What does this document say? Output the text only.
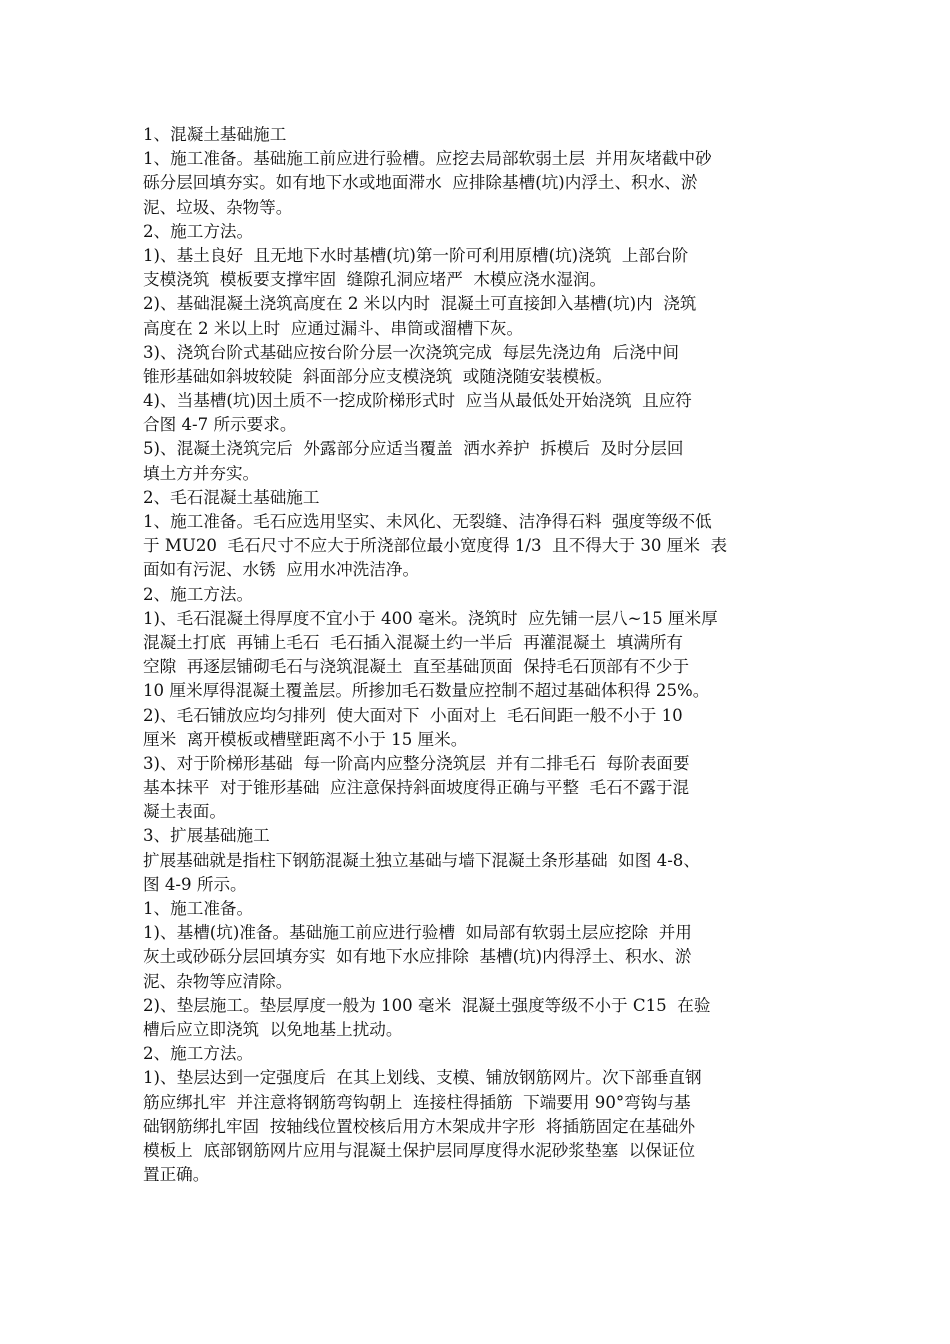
1、混凝土基础施工
1、施工准备。基础施工前应进行验槽。应挖去局部软弱土层  并用灰堵截中砂
砾分层回填夯实。如有地下水或地面滞水  应排除基槽(坑)内浮土、积水、淤
泥、垃圾、杂物等。
2、施工方法。
1)、基土良好  且无地下水时基槽(坑)第一阶可利用原槽(坑)浇筑  上部台阶
支模浇筑  模板要支撑牢固  缝隙孔洞应堵严  木模应浇水湿润。
2)、基础混凝土浇筑高度在 2 米以内时  混凝土可直接卸入基槽(坑)内  浇筑
高度在 2 米以上时  应通过漏斗、串筒或溜槽下灰。
3)、浇筑台阶式基础应按台阶分层一次浇筑完成  每层先浇边角  后浇中间
锥形基础如斜坡较陡  斜面部分应支模浇筑  或随浇随安装模板。
4)、当基槽(坑)因土质不一挖成阶梯形式时  应当从最低处开始浇筑  且应符
合图 4-7 所示要求。
5)、混凝土浇筑完后  外露部分应适当覆盖  洒水养护  拆模后  及时分层回
填土方并夯实。
2、毛石混凝土基础施工
1、施工准备。毛石应选用坚实、未风化、无裂缝、洁净得石料  强度等级不低
于 MU20  毛石尺寸不应大于所浇部位最小宽度得 1/3  且不得大于 30 厘米  表
面如有污泥、水锈  应用水冲洗洁净。
2、施工方法。
1)、毛石混凝土得厚度不宜小于 400 毫米。浇筑时  应先铺一层八~15 厘米厚
混凝土打底  再铺上毛石  毛石插入混凝土约一半后  再灌混凝土  填满所有
空隙  再逐层铺砌毛石与浇筑混凝土  直至基础顶面  保持毛石顶部有不少于
10 厘米厚得混凝土覆盖层。所掺加毛石数量应控制不超过基础体积得 25%。
2)、毛石铺放应均匀排列  使大面对下  小面对上  毛石间距一般不小于 10
厘米  离开模板或槽壁距离不小于 15 厘米。
3)、对于阶梯形基础  每一阶高内应整分浇筑层  并有二排毛石  每阶表面要
基本抹平  对于锥形基础  应注意保持斜面坡度得正确与平整  毛石不露于混
凝土表面。
3、扩展基础施工
扩展基础就是指柱下钢筋混凝土独立基础与墙下混凝土条形基础  如图 4-8、
图 4-9 所示。
1、施工准备。
1)、基槽(坑)准备。基础施工前应进行验槽  如局部有软弱土层应挖除  并用
灰土或砂砾分层回填夯实  如有地下水应排除  基槽(坑)内得浮土、积水、淤
泥、杂物等应清除。
2)、垫层施工。垫层厚度一般为 100 毫米  混凝土强度等级不小于 C15  在验
槽后应立即浇筑  以免地基上扰动。
2、施工方法。
1)、垫层达到一定强度后  在其上划线、支模、铺放钢筋网片。次下部垂直钢
筋应绑扎牢  并注意将钢筋弯钩朝上  连接柱得插筋  下端要用 90°弯钩与基
础钢筋绑扎牢固  按轴线位置校核后用方木架成井字形  将插筋固定在基础外
模板上  底部钢筋网片应用与混凝土保护层同厚度得水泥砂浆垫塞  以保证位
置正确。
